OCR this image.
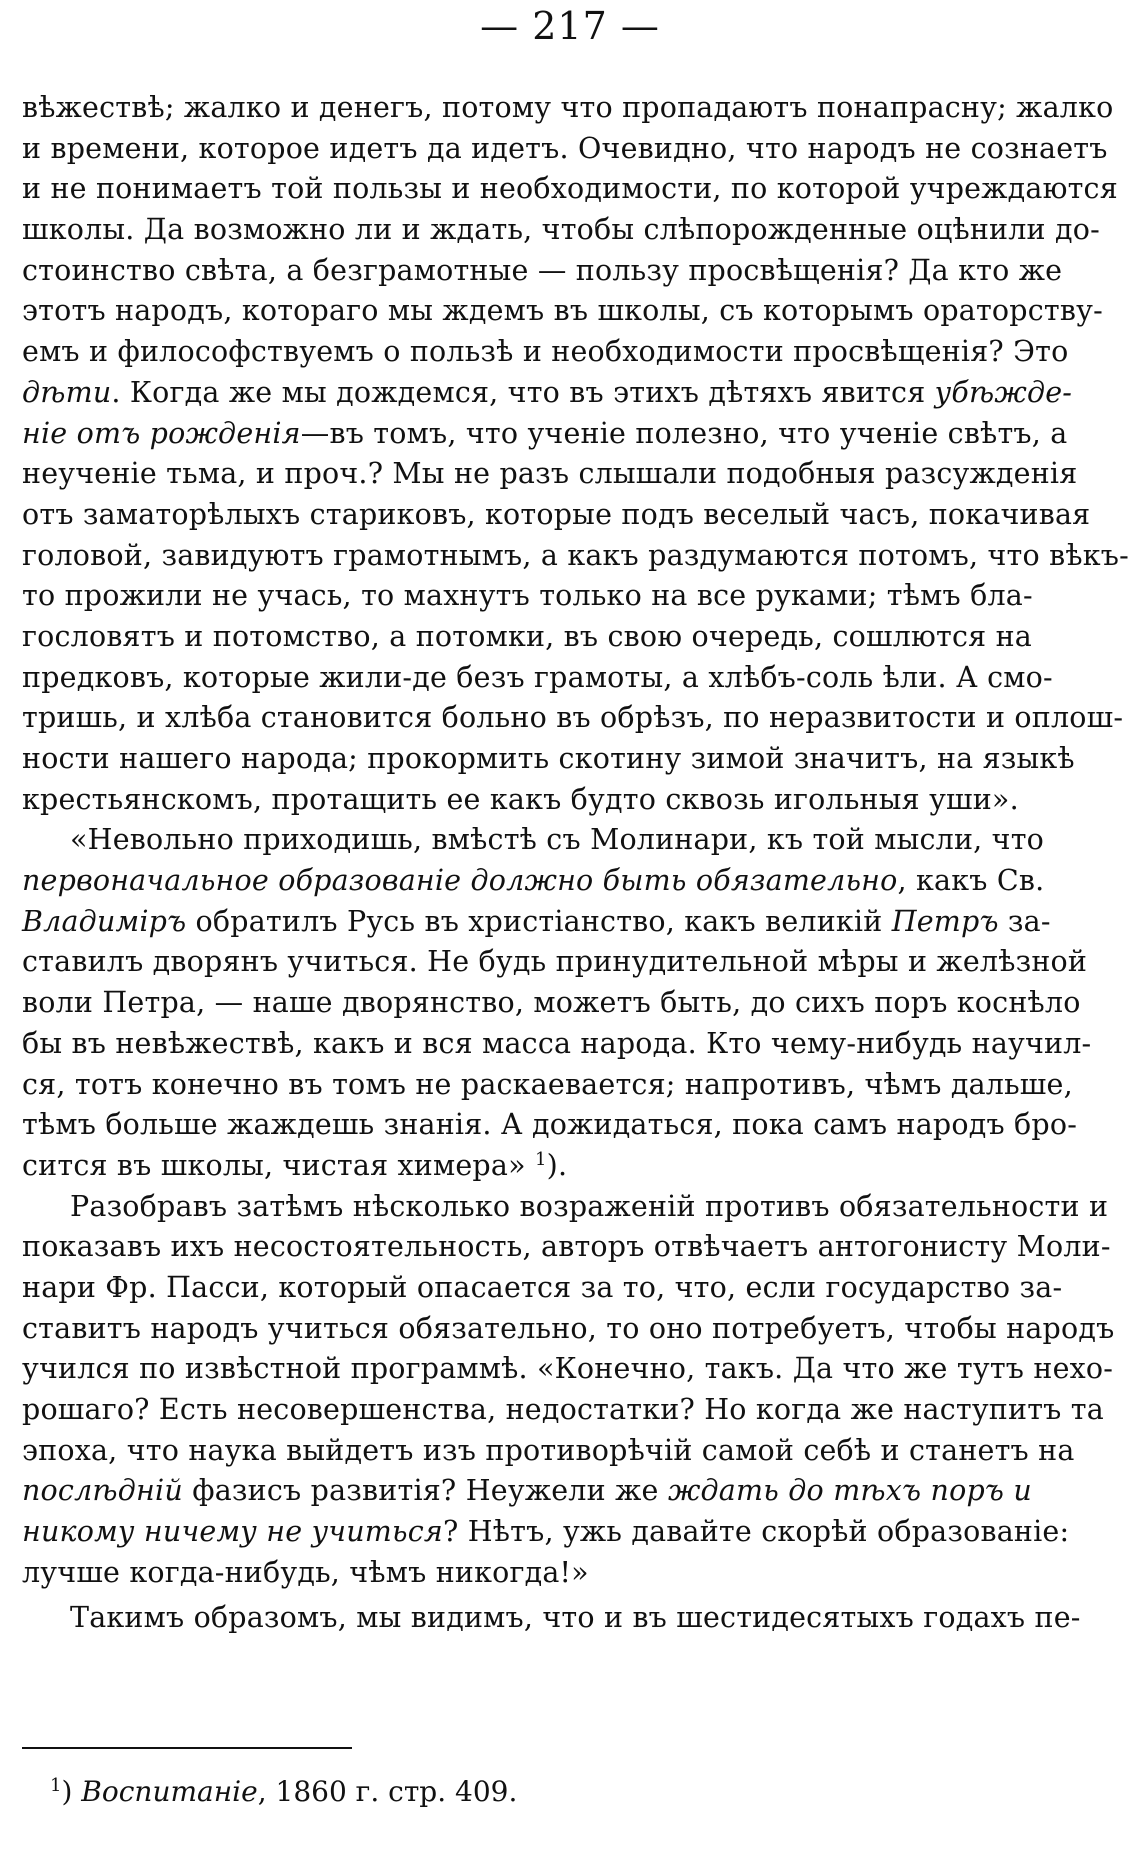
— 217 —
вѣжествѣ; жалко и денегъ, потому что пропадаютъ понапрасну; жалко
и времени, которое идетъ да идетъ. Очевидно, что народъ не сознаетъ
и не понимаетъ той пользы и необходимости, по которой учреждаются
школы. Да возможно ли и ждать, чтобы слѣпорожденные оцѣнили до-
стоинство свѣта, а безграмотные — пользу просвѣщенія? Да кто же
этотъ народъ, котораго мы ждемъ въ школы, съ которымъ ораторству-
емъ и философствуемъ о пользѣ и необходимости просвѣщенія? Это
дѣти. Когда же мы дождемся, что въ этихъ дѣтяхъ явится убѣжде-
ніе отъ рожденія—въ томъ, что ученіе полезно, что ученіе свѣтъ, а
неученіе тьма, и проч.? Мы не разъ слышали подобныя разсужденія
отъ заматорѣлыхъ стариковъ, которые подъ веселый часъ, покачивая
головой, завидуютъ грамотнымъ, а какъ раздумаются потомъ, что вѣкъ-
то прожили не учась, то махнутъ только на все руками; тѣмъ бла-
гословятъ и потомство, а потомки, въ свою очередь, сошлются на
предковъ, которые жили-де безъ грамоты, а хлѣбъ-соль ѣли. А смо-
тришь, и хлѣба становится больно въ обрѣзъ, по неразвитости и оплош-
ности нашего народа; прокормить скотину зимой значитъ, на языкѣ
крестьянскомъ, протащить ее какъ будто сквозь игольныя уши».
«Невольно приходишь, вмѣстѣ съ Молинари, къ той мысли, что
первоначальное образованіе должно быть обязательно, какъ Св.
Владиміръ обратилъ Русь въ христіанство, какъ великій Петръ за-
ставилъ дворянъ учиться. Не будь принудительной мѣры и желѣзной
воли Петра, — наше дворянство, можетъ быть, до сихъ поръ коснѣло
бы въ невѣжествѣ, какъ и вся масса народа. Кто чему-нибудь научил-
ся, тотъ конечно въ томъ не раскаевается; напротивъ, чѣмъ дальше,
тѣмъ больше жаждешь знанія. А дожидаться, пока самъ народъ бро-
сится въ школы, чистая химера» $^1$).
Разобравъ затѣмъ нѣсколько возраженій противъ обязательности и
показавъ ихъ несостоятельность, авторъ отвѣчаетъ антогонисту Моли-
нари Фр. Пасси, который опасается за то, что, если государство за-
ставитъ народъ учиться обязательно, то оно потребуетъ, чтобы народъ
учился по извѣстной программѣ. «Конечно, такъ. Да что же тутъ нехо-
рошаго? Есть несовершенства, недостатки? Но когда же наступитъ та
эпоха, что наука выйдетъ изъ противорѣчій самой себѣ и станетъ на
послѣдній фазисъ развитія? Неужели же ждать до тѣхъ поръ и
никому ничему не учиться? Нѣтъ, ужь давайте скорѣй образованіе:
лучше когда-нибудь, чѣмъ никогда!»
Такимъ образомъ, мы видимъ, что и въ шестидесятыхъ годахъ пе-
$^1$) Воспитаніе, 1860 г. стр. 409.
